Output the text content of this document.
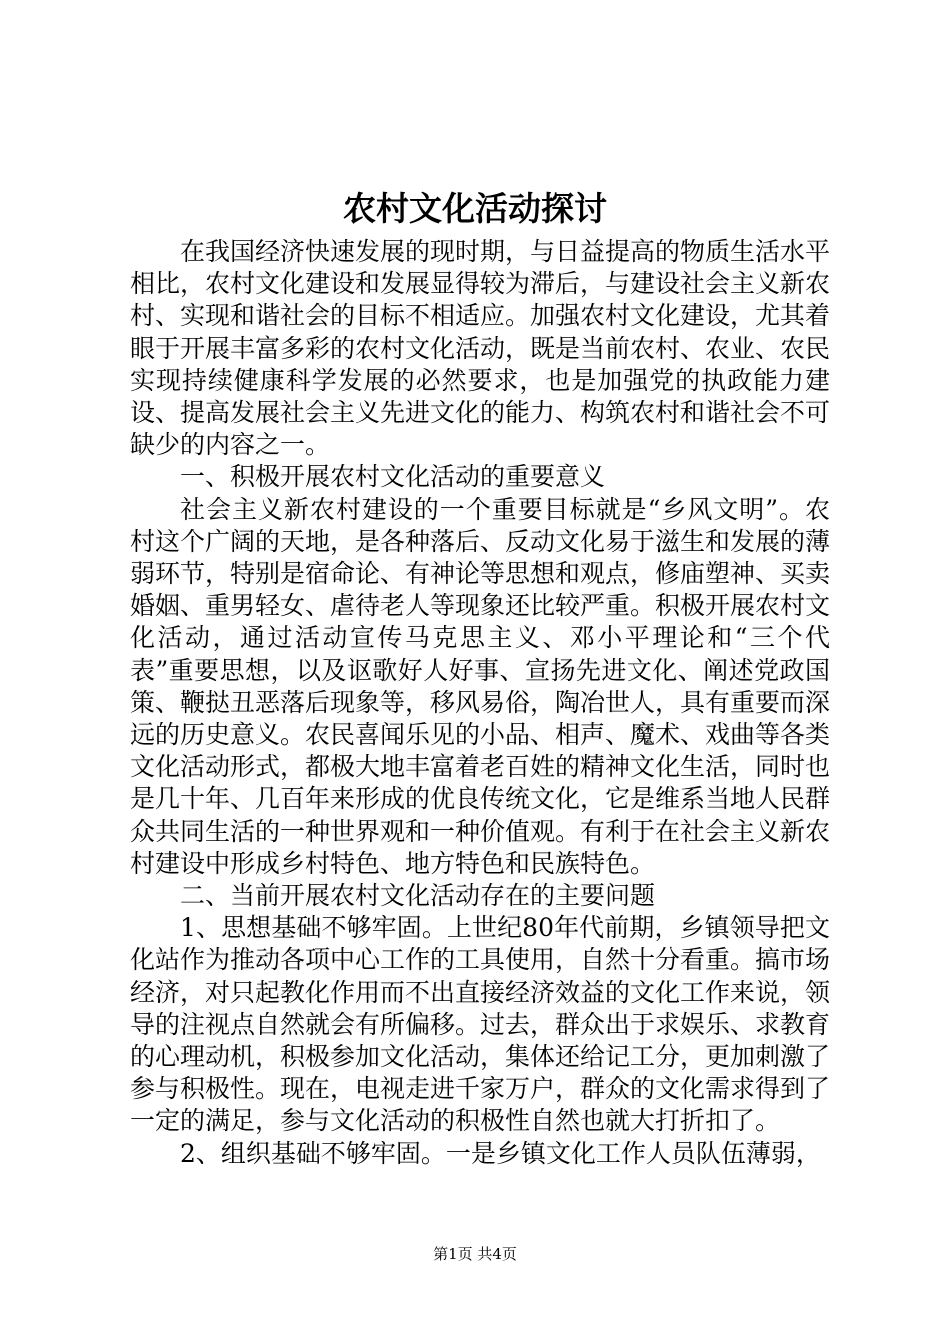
农村文化活动探讨

在我国经济快速发展的现时期，与日益提高的物质生活水平相比，农村文化建设和发展显得较为滞后，与建设社会主义新农村、实现和谐社会的目标不相适应。加强农村文化建设，尤其着眼于开展丰富多彩的农村文化活动，既是当前农村、农业、农民实现持续健康科学发展的必然要求，也是加强党的执政能力建设、提高发展社会主义先进文化的能力、构筑农村和谐社会不可缺少的内容之一。

一、积极开展农村文化活动的重要意义

社会主义新农村建设的一个重要目标就是“乡风文明”。农村这个广阔的天地，是各种落后、反动文化易于滋生和发展的薄弱环节，特别是宿命论、有神论等思想和观点，修庙塑神、买卖婚姻、重男轻女、虐待老人等现象还比较严重。积极开展农村文化活动，通过活动宣传马克思主义、邓小平理论和“三个代表”重要思想，以及讴歌好人好事、宣扬先进文化、阐述党政国策、鞭挞丑恶落后现象等，移风易俗，陶冶世人，具有重要而深远的历史意义。农民喜闻乐见的小品、相声、魔术、戏曲等各类文化活动形式，都极大地丰富着老百姓的精神文化生活，同时也是几十年、几百年来形成的优良传统文化，它是维系当地人民群众共同生活的一种世界观和一种价值观。有利于在社会主义新农村建设中形成乡村特色、地方特色和民族特色。

二、当前开展农村文化活动存在的主要问题

1、思想基础不够牢固。上世纪80年代前期，乡镇领导把文化站作为推动各项中心工作的工具使用，自然十分看重。搞市场经济，对只起教化作用而不出直接经济效益的文化工作来说，领导的注视点自然就会有所偏移。过去，群众出于求娱乐、求教育的心理动机，积极参加文化活动，集体还给记工分，更加刺激了参与积极性。现在，电视走进千家万户，群众的文化需求得到了一定的满足，参与文化活动的积极性自然也就大打折扣了。

2、组织基础不够牢固。一是乡镇文化工作人员队伍薄弱，

第1页 共4页
